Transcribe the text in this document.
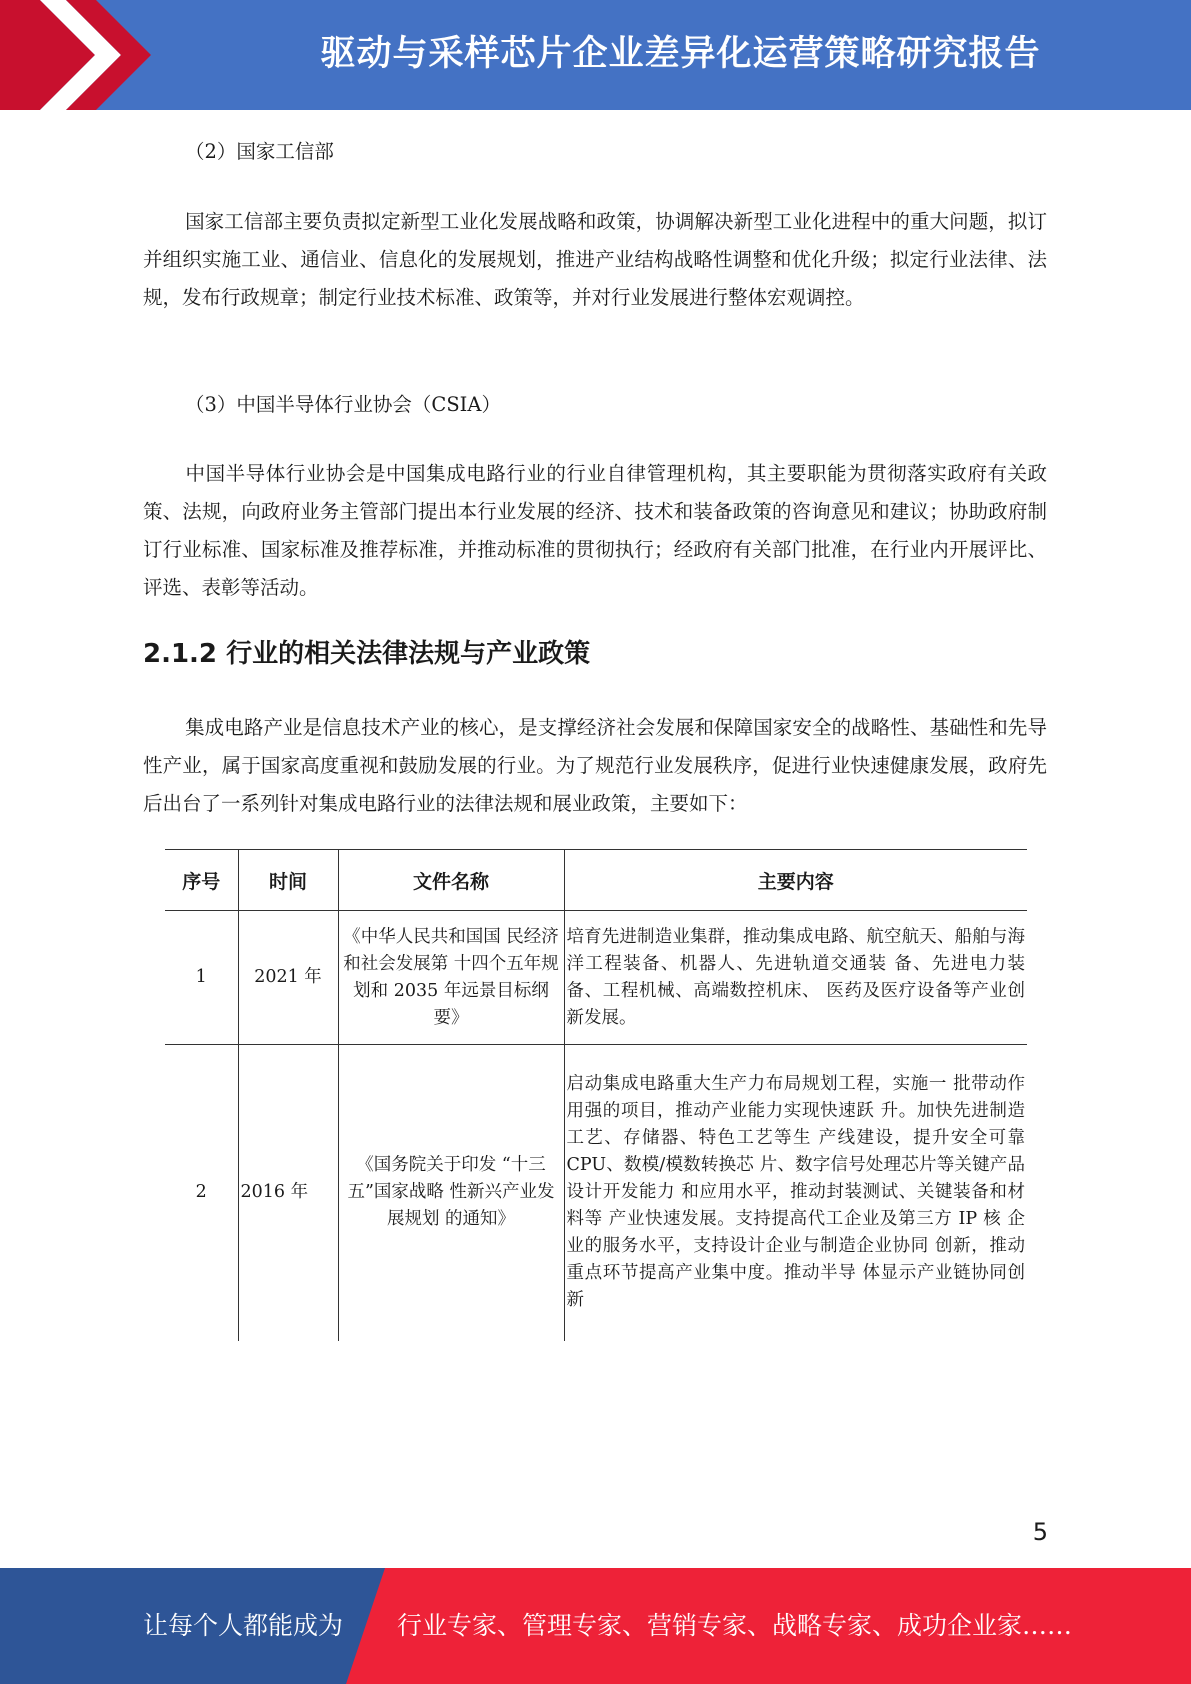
驱动与采样芯片企业差异化运营策略研究报告

（2）国家工信部

国家工信部主要负责拟定新型工业化发展战略和政策，协调解决新型工业化进程中的重大问题，拟订并组织实施工业、通信业、信息化的发展规划，推进产业结构战略性调整和优化升级；拟定行业法律、法规，发布行政规章；制定行业技术标准、政策等，并对行业发展进行整体宏观调控。

（3）中国半导体行业协会（CSIA）

中国半导体行业协会是中国集成电路行业的行业自律管理机构，其主要职能为贯彻落实政府有关政策、法规，向政府业务主管部门提出本行业发展的经济、技术和装备政策的咨询意见和建议；协助政府制订行业标准、国家标准及推荐标准，并推动标准的贯彻执行；经政府有关部门批准，在行业内开展评比、评选、表彰等活动。

2.1.2 行业的相关法律法规与产业政策

集成电路产业是信息技术产业的核心，是支撑经济社会发展和保障国家安全的战略性、基础性和先导性产业，属于国家高度重视和鼓励发展的行业。为了规范行业发展秩序，促进行业快速健康发展，政府先后出台了一系列针对集成电路行业的法律法规和展业政策，主要如下：

序号	时间	文件名称	主要内容
1	2021 年	《中华人民共和国国 民经济和社会发展第 十四个五年规划和 2035 年远景目标纲要》	培育先进制造业集群，推动集成电路、航空航天、船舶与海洋工程装备、机器人、先进轨道交通装 备、先进电力装备、工程机械、高端数控机床、 医药及医疗设备等产业创新发展。
2	2016 年	《国务院关于印发 “十三五”国家战略 性新兴产业发展规划 的通知》	启动集成电路重大生产力布局规划工程，实施一 批带动作用强的项目，推动产业能力实现快速跃 升。加快先进制造工艺、存储器、特色工艺等生 产线建设，提升安全可靠 CPU、数模/模数转换芯 片、数字信号处理芯片等关键产品设计开发能力 和应用水平，推动封装测试、关键装备和材料等 产业快速发展。支持提高代工企业及第三方 IP 核 企业的服务水平，支持设计企业与制造企业协同 创新，推动重点环节提高产业集中度。推动半导 体显示产业链协同创新
5
让每个人都能成为 行业专家、管理专家、营销专家、战略专家、成功企业家……
